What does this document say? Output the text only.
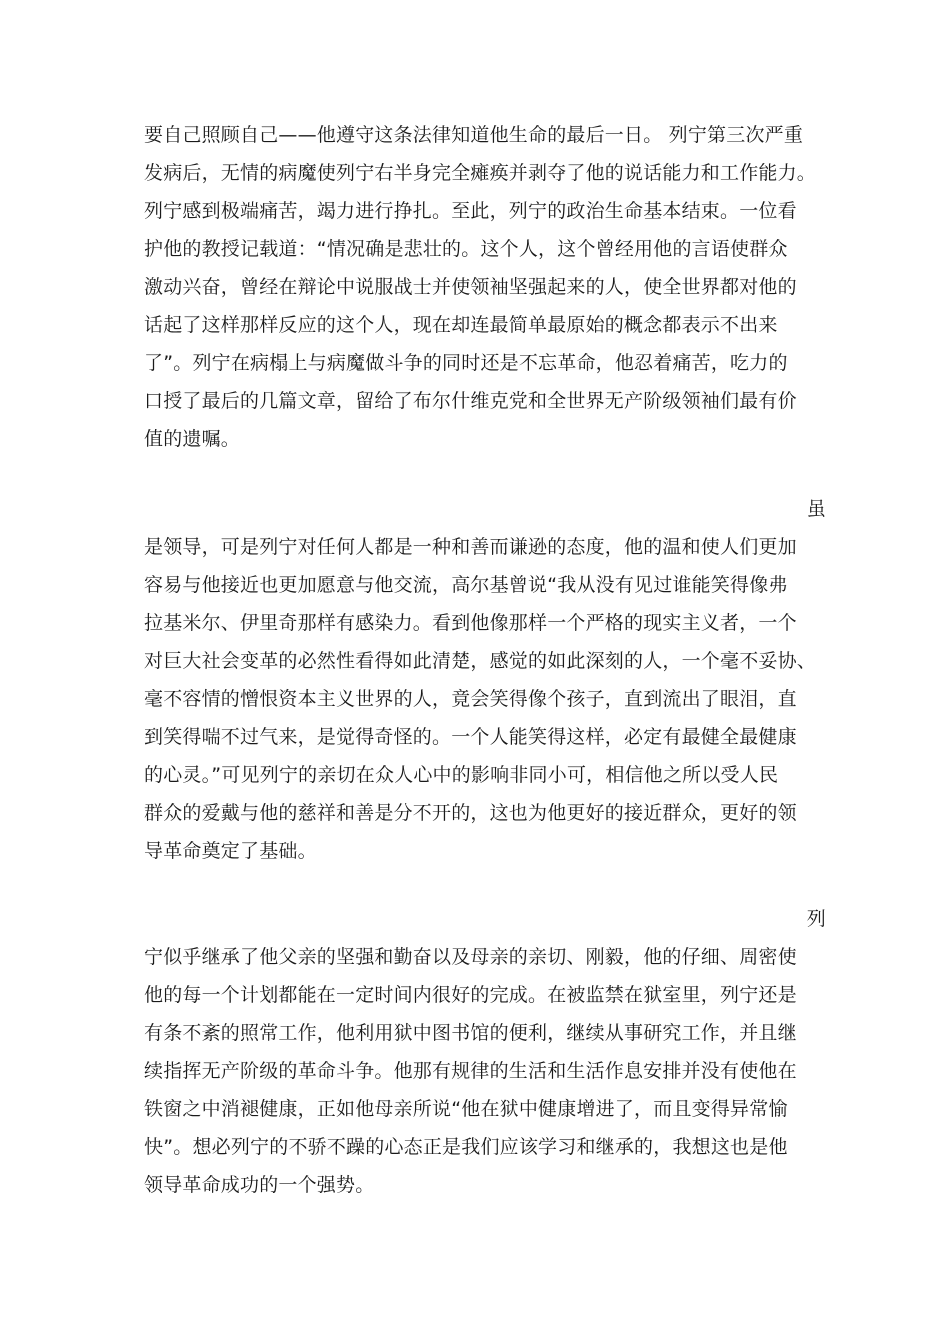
要自己照顾自己——他遵守这条法律知道他生命的最后一日。 列宁第三次严重
发病后，无情的病魔使列宁右半身完全瘫痪并剥夺了他的说话能力和工作能力。
列宁感到极端痛苦，竭力进行挣扎。至此，列宁的政治生命基本结束。一位看
护他的教授记载道：“情况确是悲壮的。这个人，这个曾经用他的言语使群众
激动兴奋，曾经在辩论中说服战士并使领袖坚强起来的人，使全世界都对他的
话起了这样那样反应的这个人，现在却连最简单最原始的概念都表示不出来
了”。列宁在病榻上与病魔做斗争的同时还是不忘革命，他忍着痛苦，吃力的
口授了最后的几篇文章，留给了布尔什维克党和全世界无产阶级领袖们最有价
值的遗嘱。
虽
是领导，可是列宁对任何人都是一种和善而谦逊的态度，他的温和使人们更加
容易与他接近也更加愿意与他交流，高尔基曾说“我从没有见过谁能笑得像弗
拉基米尔、伊里奇那样有感染力。看到他像那样一个严格的现实主义者，一个
对巨大社会变革的必然性看得如此清楚，感觉的如此深刻的人，一个毫不妥协、
毫不容情的憎恨资本主义世界的人，竟会笑得像个孩子，直到流出了眼泪，直
到笑得喘不过气来，是觉得奇怪的。一个人能笑得这样，必定有最健全最健康
的心灵。”可见列宁的亲切在众人心中的影响非同小可，相信他之所以受人民
群众的爱戴与他的慈祥和善是分不开的，这也为他更好的接近群众，更好的领
导革命奠定了基础。
列
宁似乎继承了他父亲的坚强和勤奋以及母亲的亲切、刚毅，他的仔细、周密使
他的每一个计划都能在一定时间内很好的完成。在被监禁在狱室里，列宁还是
有条不紊的照常工作，他利用狱中图书馆的便利，继续从事研究工作，并且继
续指挥无产阶级的革命斗争。他那有规律的生活和生活作息安排并没有使他在
铁窗之中消褪健康，正如他母亲所说“他在狱中健康增进了，而且变得异常愉
快”。想必列宁的不骄不躁的心态正是我们应该学习和继承的，我想这也是他
领导革命成功的一个强势。
